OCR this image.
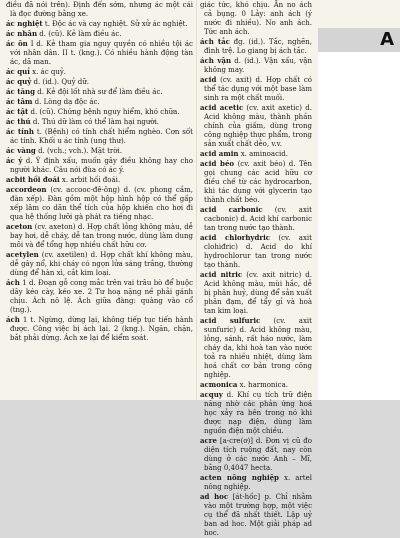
điều đã nói trên). Định đến sớm, nhưng ác một cái là đọc đường bằng xe.

ác nghiệt t. Độc ác và cay nghiệt. Sử xử ác nghiệt.

ác nhân d. (cũ). Kẻ làm điều ác.

ác ôn I d. Kẻ tham gia nguy quyền có nhiều tội ác với nhân dân. II t. (kng.). Có nhiều hành động tàn ác, dã man.

ác quỉ x. ác quỷ.

ác quỷ d. (id.). Quỷ dữ.

ác tăng d. Kẻ đội lốt nhà sư để làm điều ác.

ác tâm d. Lòng dạ độc ác.

ác tật d. (cũ). Chứng bệnh nguy hiểm, khó chữa.

ác thú d. Thú dữ làm có thể làm hại người.

ác tính t. (Bệnh) có tính chất hiểm nghèo. Cơn sốt ác tính. Khối u ác tính (ung thư).

ác vàng d. (vch.; vch.). Mặt trời.

ác ý d. Ý định xấu, muốn gây điều không hay cho người khác. Câu nói đùa có ác ý.

acbit hồi đoái x. arbit hối đoái.

accordeon (cv. accooc-đê-ông) d. (cv. phong cầm, đàn xếp). Đàn gồm một hộp hình hộp có thể gấp xếp lâm co dãn thể tích của hộp khiến cho hơi đi qua hệ thống lưỡi gà phát ra tiếng nhạc.

aceton (cv. axeton) d. Hợp chất lỏng không màu, dễ bay hơi, dễ cháy, dễ tan trong nước, dùng làm dung môi và để tổng hợp nhiều chất hữu cơ.

acetylen (cv. axetilen) d. Hợp chất khí không màu, dễ gây nổ, khi cháy có ngọn lửa sáng trắng, thường dùng để hàn xì, cắt kim loại.

ách 1 d. Đoạn gỗ cong mắc trên vai trâu bò để buộc dây kéo cày, kéo xe. 2 Tư hoạ nặng nề phải gánh chịu. Ách nô lệ. Ách giữa đàng: quàng vào cổ (tng.).

ách 1 t. Ngừng, dừng lại, không tiếp tục tiến hành được. Công việc bị ách lại. 2 (kng.). Ngăn, chặn, bắt phải dừng. Ách xe lại để kiểm soát.

giác tức, khó chịu. Ăn no ách cả bụng. 0 Lảy: anh ách (ý nước đi nhiều). No anh ách. Tức anh ách.

ách tắc đg. (id.). Tắc, nghẽn, đình trệ. Lo giang bị ách tắc.

ách vận d. (id.). Vận xấu, vận không may.

acid (cv. axit) d. Hợp chất có thể tác dụng với một base làm sinh ra một chất muối.

acid acetic (cv. axit axetic) d. Acid không màu, thành phần chính của giấm, dùng trong công nghiệp thực phẩm, trong sản xuất chất dẻo, v.v.

acid amin x. aminoacid.

acid béo (cv. axit béo) d. Tên gọi chung các acid hữu cơ điều chế từ các hydrocarbon, khi tác dụng với glycerin tạo thành chất béo.

acid carbonic (cv. axit cacbonic) d. Acid khí carbonic tan trong nước tạo thành.

acid chlorhydric (cv. axit clohiđric) d. Acid do khí hydrochlorur tan trong nước tạo thành.

acid nitric (cv. axit nitric) d. Acid không màu, mùi hắc, dễ bị phân huỷ, dùng để sản xuất phân đạm, để tẩy gỉ và hoà tan kim loại.

acid sulfuric (cv. axit sunfuric) d. Acid không màu, lỏng, sánh, rất háo nước, làm cháy da, khi hoà tan vào nước toả ra nhiều nhiệt, dùng làm hoá chất cơ bản trong công nghiệp.

acmonica x. harmonica.

acquy d. Khí cụ tích trữ điện năng nhờ các phản ứng hoá học xảy ra bên trong nó khi được nạp điện, dùng làm nguồn điện một chiều.

acre [a-cre(ơ)] d. Đơn vị cũ đo diện tích ruộng đất, nay còn dùng ở các nước Anh – Mĩ, bằng 0,4047 hecta.

acten nông nghiệp x. artel nông nghiệp.

ad hoc [át-hốc] p. Chỉ nhằm vào một trường hợp, một việc cụ thể đã nhất thiết. Lập uỷ ban ad hoc. Một giải pháp ad hoc.

A
